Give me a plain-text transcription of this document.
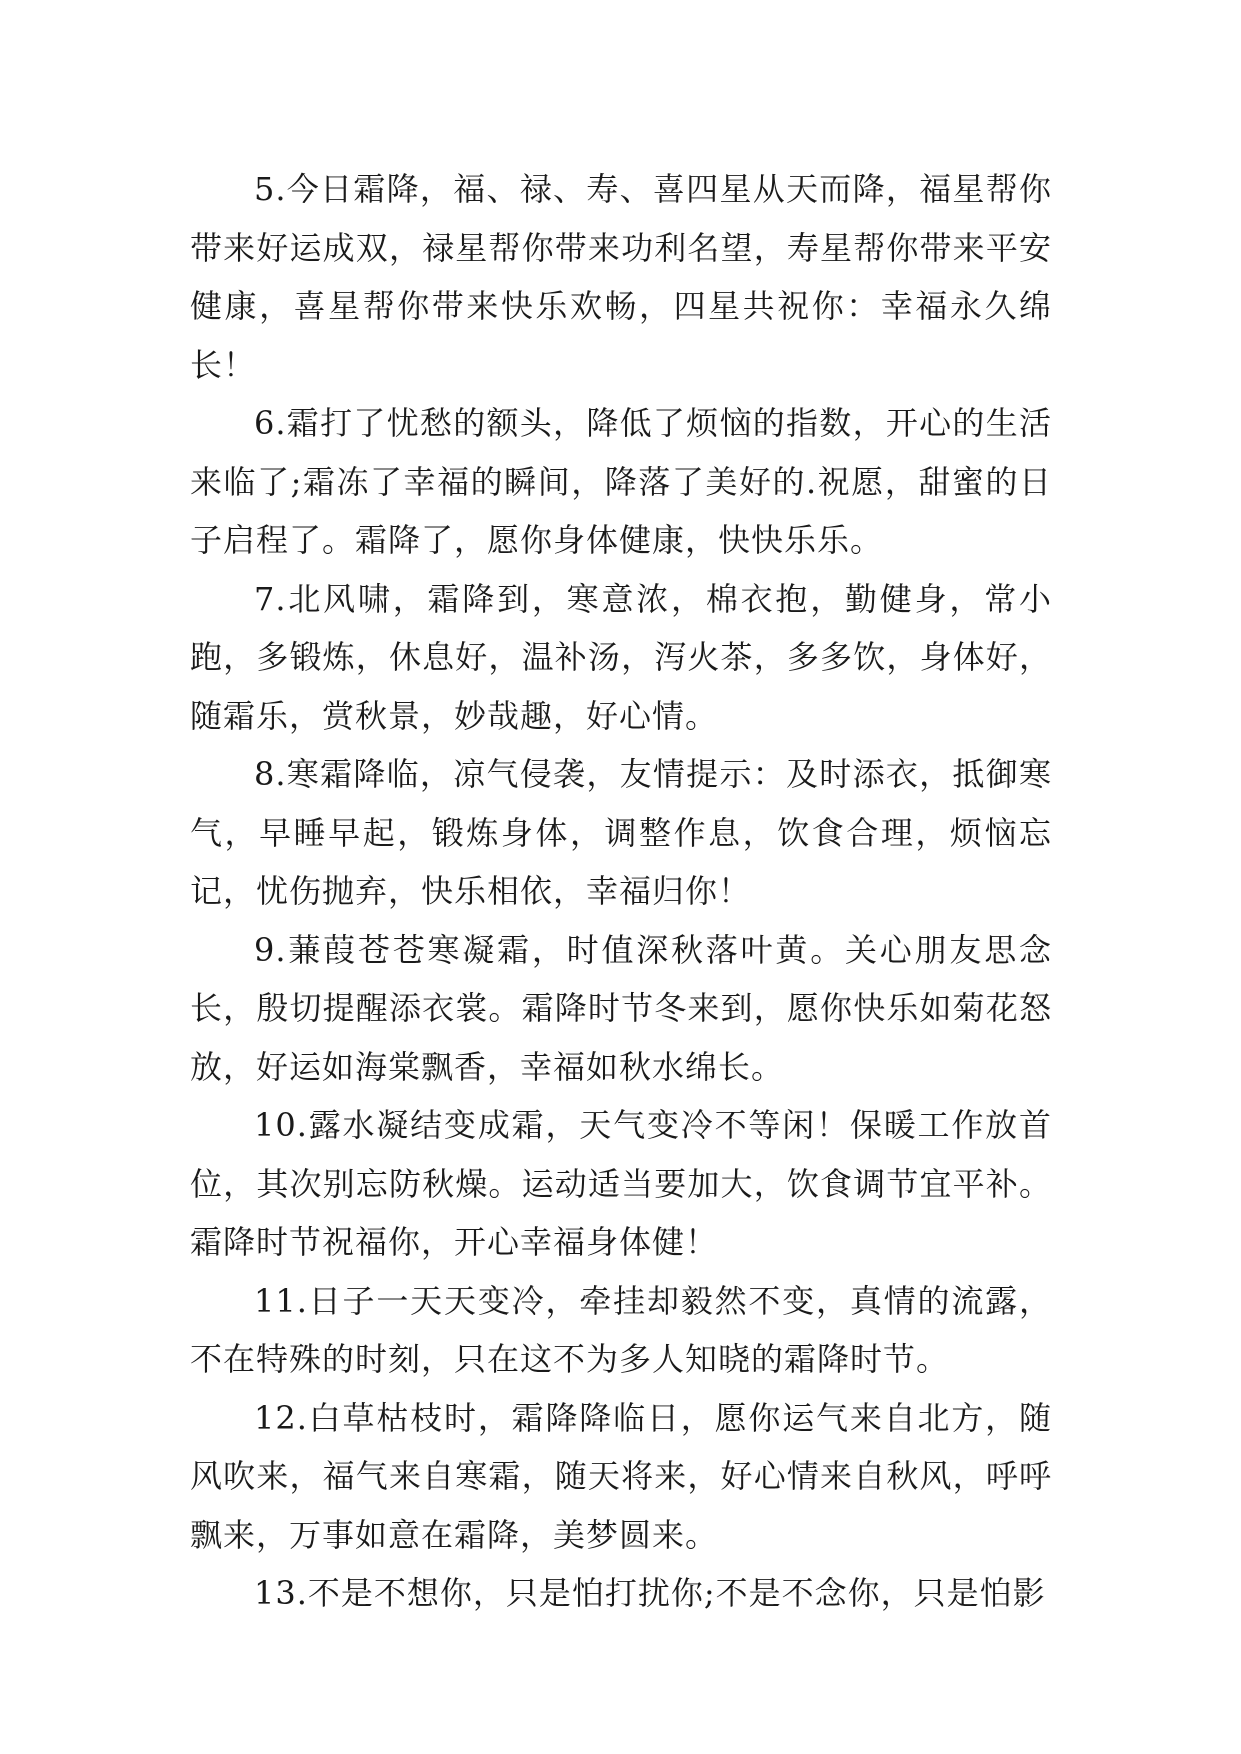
5.今日霜降，福、禄、寿、喜四星从天而降，福星帮你带来好运成双，禄星帮你带来功利名望，寿星帮你带来平安健康，喜星帮你带来快乐欢畅，四星共祝你：幸福永久绵长！

6.霜打了忧愁的额头，降低了烦恼的指数，开心的生活来临了;霜冻了幸福的瞬间，降落了美好的.祝愿，甜蜜的日子启程了。霜降了，愿你身体健康，快快乐乐。

7.北风啸，霜降到，寒意浓，棉衣抱，勤健身，常小跑，多锻炼，休息好，温补汤，泻火茶，多多饮，身体好，随霜乐，赏秋景，妙哉趣，好心情。

8.寒霜降临，凉气侵袭，友情提示：及时添衣，抵御寒气，早睡早起，锻炼身体，调整作息，饮食合理，烦恼忘记，忧伤抛弃，快乐相依，幸福归你！

9.蒹葭苍苍寒凝霜，时值深秋落叶黄。关心朋友思念长，殷切提醒添衣裳。霜降时节冬来到，愿你快乐如菊花怒放，好运如海棠飘香，幸福如秋水绵长。

10.露水凝结变成霜，天气变冷不等闲！保暖工作放首位，其次别忘防秋燥。运动适当要加大，饮食调节宜平补。霜降时节祝福你，开心幸福身体健！

11.日子一天天变冷，牵挂却毅然不变，真情的流露，不在特殊的时刻，只在这不为多人知晓的霜降时节。

12.白草枯枝时，霜降降临日，愿你运气来自北方，随风吹来，福气来自寒霜，随天将来，好心情来自秋风，呼呼飘来，万事如意在霜降，美梦圆来。

13.不是不想你，只是怕打扰你;不是不念你，只是怕影
